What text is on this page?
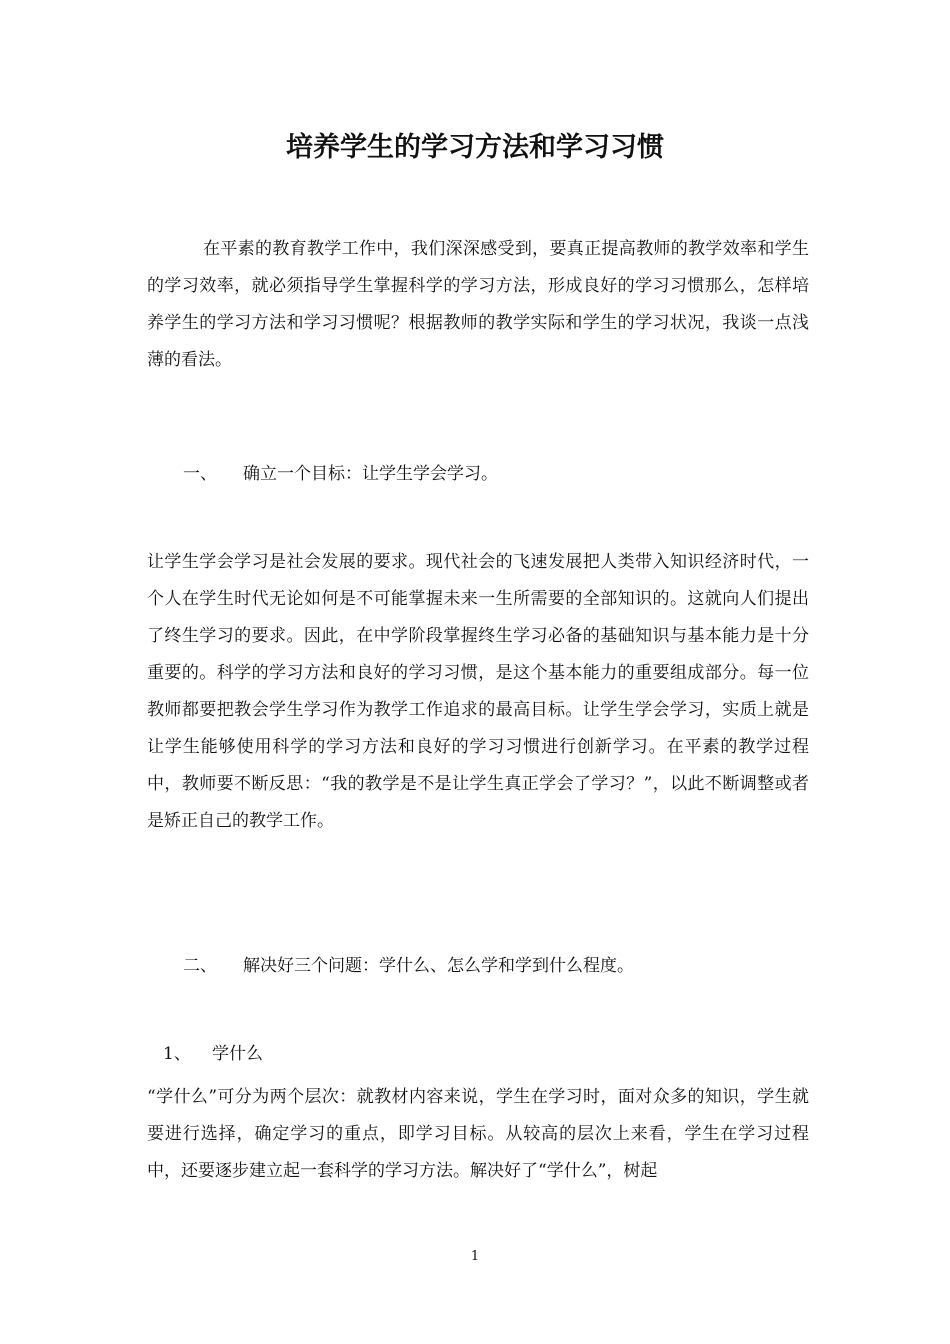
培养学生的学习方法和学习习惯

在平素的教育教学工作中，我们深深感受到，要真正提高教师的教学效率和学生的学习效率，就必须指导学生掌握科学的学习方法，形成良好的学习习惯那么，怎样培养学生的学习方法和学习习惯呢？根据教师的教学实际和学生的学习状况，我谈一点浅薄的看法。

一、 确立一个目标：让学生学会学习。

让学生学会学习是社会发展的要求。现代社会的飞速发展把人类带入知识经济时代，一个人在学生时代无论如何是不可能掌握未来一生所需要的全部知识的。这就向人们提出了终生学习的要求。因此，在中学阶段掌握终生学习必备的基础知识与基本能力是十分重要的。科学的学习方法和良好的学习习惯，是这个基本能力的重要组成部分。每一位教师都要把教会学生学习作为教学工作追求的最高目标。让学生学会学习，实质上就是让学生能够使用科学的学习方法和良好的学习习惯进行创新学习。在平素的教学过程中，教师要不断反思：“我的教学是不是让学生真正学会了学习？”，以此不断调整或者是矫正自己的教学工作。

二、 解决好三个问题：学什么、怎么学和学到什么程度。

1、 学什么

“学什么”可分为两个层次：就教材内容来说，学生在学习时，面对众多的知识，学生就要进行选择，确定学习的重点，即学习目标。从较高的层次上来看，学生在学习过程中，还要逐步建立起一套科学的学习方法。解决好了“学什么”，树起

1
